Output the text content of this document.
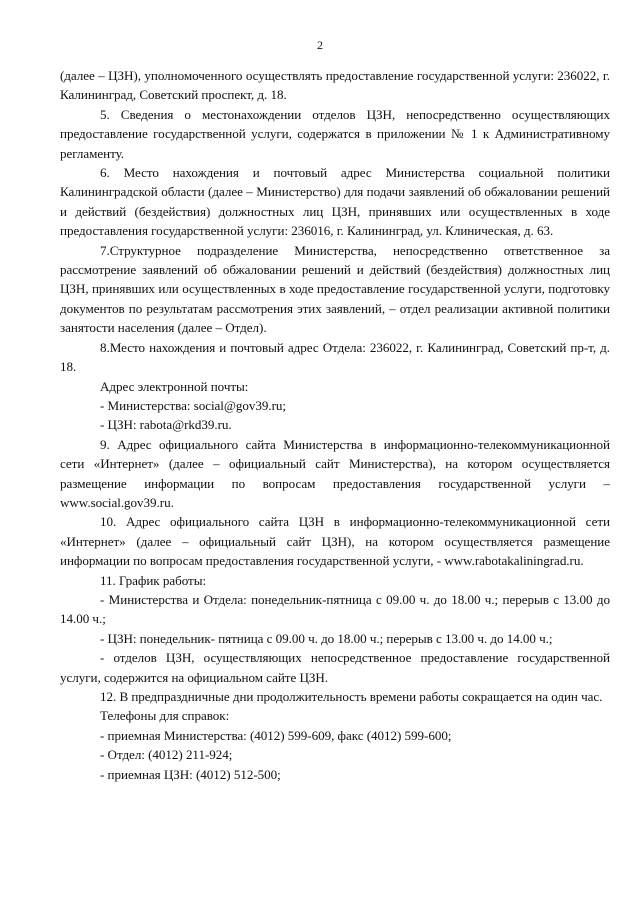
2

(далее – ЦЗН), уполномоченного осуществлять предоставление государственной услуги: 236022, г. Калининград, Советский проспект, д. 18.

5. Сведения о местонахождении отделов ЦЗН, непосредственно осуществляющих предоставление государственной услуги, содержатся в приложении № 1 к Административному регламенту.

6. Место нахождения и почтовый адрес Министерства социальной политики Калининградской области (далее – Министерство) для подачи заявлений об обжаловании решений и действий (бездействия) должностных лиц ЦЗН, принявших или осуществленных в ходе предоставления государственной услуги: 236016, г. Калининград, ул. Клиническая, д. 63.

7.Структурное подразделение Министерства, непосредственно ответственное за рассмотрение заявлений об обжаловании решений и действий (бездействия) должностных лиц ЦЗН, принявших или осуществленных в ходе предоставление государственной услуги, подготовку документов по результатам рассмотрения этих заявлений, – отдел реализации активной политики занятости населения (далее – Отдел).

8.Место нахождения и почтовый адрес Отдела: 236022, г. Калининград, Советский пр-т, д. 18.

Адрес электронной почты:

- Министерства: social@gov39.ru;

- ЦЗН: rabota@rkd39.ru.

9. Адрес официального сайта Министерства в информационно-телекоммуникационной сети «Интернет» (далее – официальный сайт Министерства), на котором осуществляется размещение информации по вопросам предоставления государственной услуги – www.social.gov39.ru.

10. Адрес официального сайта ЦЗН в информационно-телекоммуникационной сети «Интернет» (далее – официальный сайт ЦЗН), на котором осуществляется размещение информации по вопросам предоставления государственной услуги, - www.rabotakaliningrad.ru.

11. График работы:

- Министерства и Отдела: понедельник-пятница с 09.00 ч. до 18.00 ч.; перерыв с 13.00 до 14.00 ч.;

- ЦЗН: понедельник- пятница с 09.00 ч. до 18.00 ч.; перерыв с 13.00 ч. до 14.00 ч.;

- отделов ЦЗН, осуществляющих непосредственное предоставление государственной услуги, содержится на официальном сайте ЦЗН.

12. В предпраздничные дни продолжительность времени работы сокращается на один час.

Телефоны для справок:

- приемная Министерства: (4012) 599-609, факс (4012) 599-600;

- Отдел: (4012) 211-924;

- приемная ЦЗН: (4012) 512-500;
